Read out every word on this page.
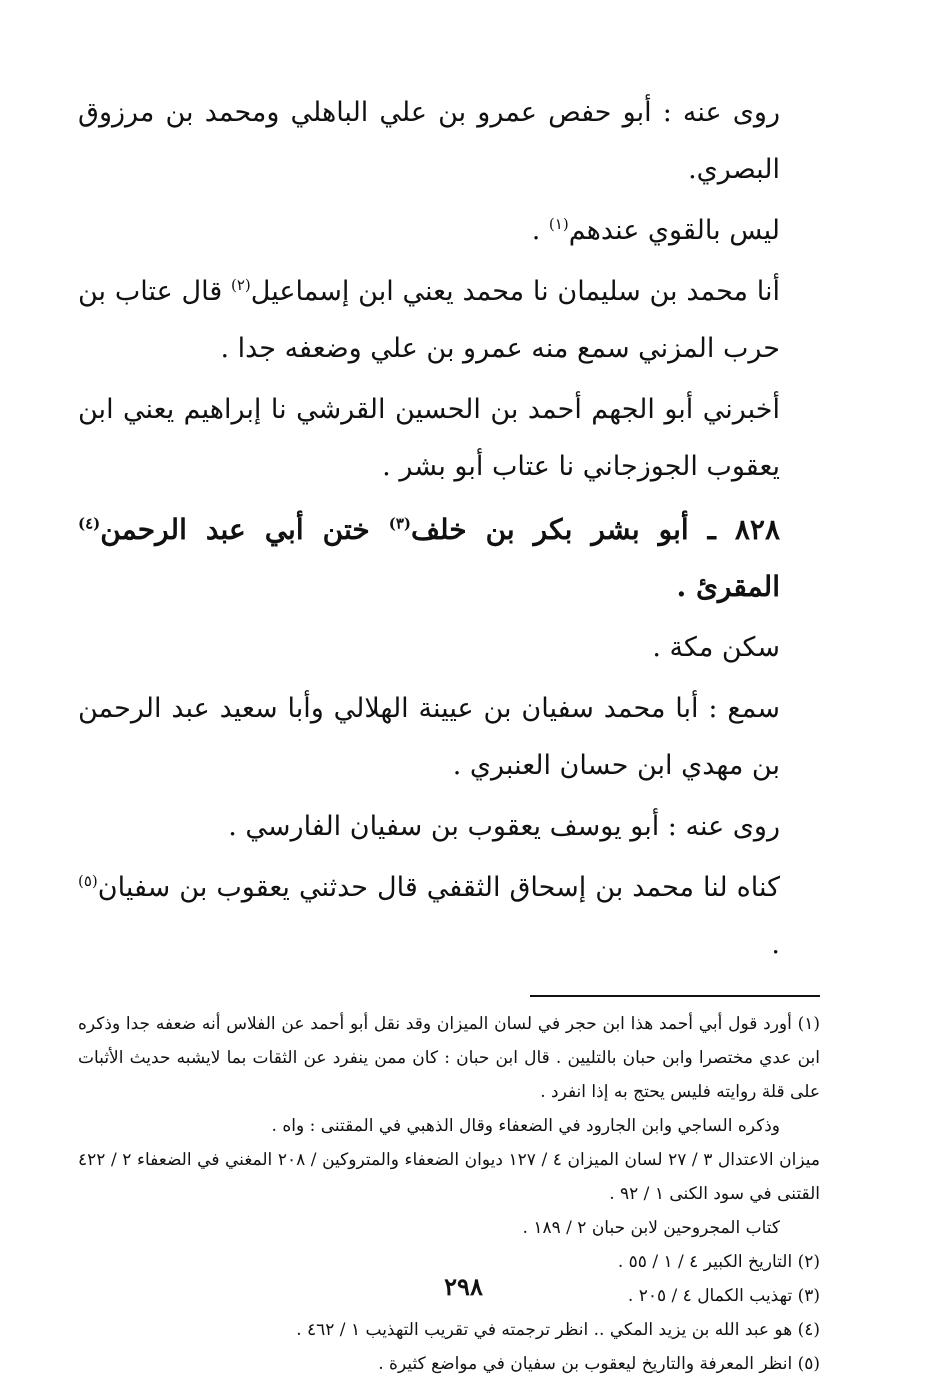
روى عنه : أبو حفص عمرو بن علي الباهلي ومحمد بن مرزوق البصري.

ليس بالقوي عندهم$^{(١)}$ .

أنا محمد بن سليمان نا محمد يعني ابن إسماعيل$^{(٢)}$ قال عتاب بن حرب المزني سمع منه عمرو بن علي وضعفه جدا .

أخبرني أبو الجهم أحمد بن الحسين القرشي نا إبراهيم يعني ابن يعقوب الجوزجاني نا عتاب أبو بشر .

٨٢٨ ـ أبو بشر بكر بن خلف$^{(٣)}$ ختن أبي عبد الرحمن$^{(٤)}$ المقرئ .

سكن مكة .

سمع : أبا محمد سفيان بن عيينة الهلالي وأبا سعيد عبد الرحمن بن مهدي ابن حسان العنبري .

روى عنه : أبو يوسف يعقوب بن سفيان الفارسي .

كناه لنا محمد بن إسحاق الثقفي قال حدثني يعقوب بن سفيان$^{(٥)}$ .

(١) أورد قول أبي أحمد هذا ابن حجر في لسان الميزان وقد نقل أبو أحمد عن الفلاس أنه ضعفه جدا وذكره ابن عدي مختصرا وابن حبان بالتليين . قال ابن حبان : كان ممن ينفرد عن الثقات بما لايشبه حديث الأثبات على قلة روايته فليس يحتج به إذا انفرد .

وذكره الساجي وابن الجارود في الضعفاء وقال الذهبي في المقتنى : واه .

ميزان الاعتدال ٣ / ٢٧ لسان الميزان ٤ / ١٢٧ ديوان الضعفاء والمتروكين / ٢٠٨ المغني في الضعفاء ٢ / ٤٢٢ القتنى في سود الكنى ١ / ٩٢ .

كتاب المجروحين لابن حبان ٢ / ١٨٩ .

(٢) التاريخ الكبير ٤ / ١ / ٥٥ .

(٣) تهذيب الكمال ٤ / ٢٠٥ .

(٤) هو عبد الله بن يزيد المكي .. انظر ترجمته في تقريب التهذيب ١ / ٤٦٢ .

(٥) انظر المعرفة والتاريخ ليعقوب بن سفيان في مواضع كثيرة .

٢٩٨
